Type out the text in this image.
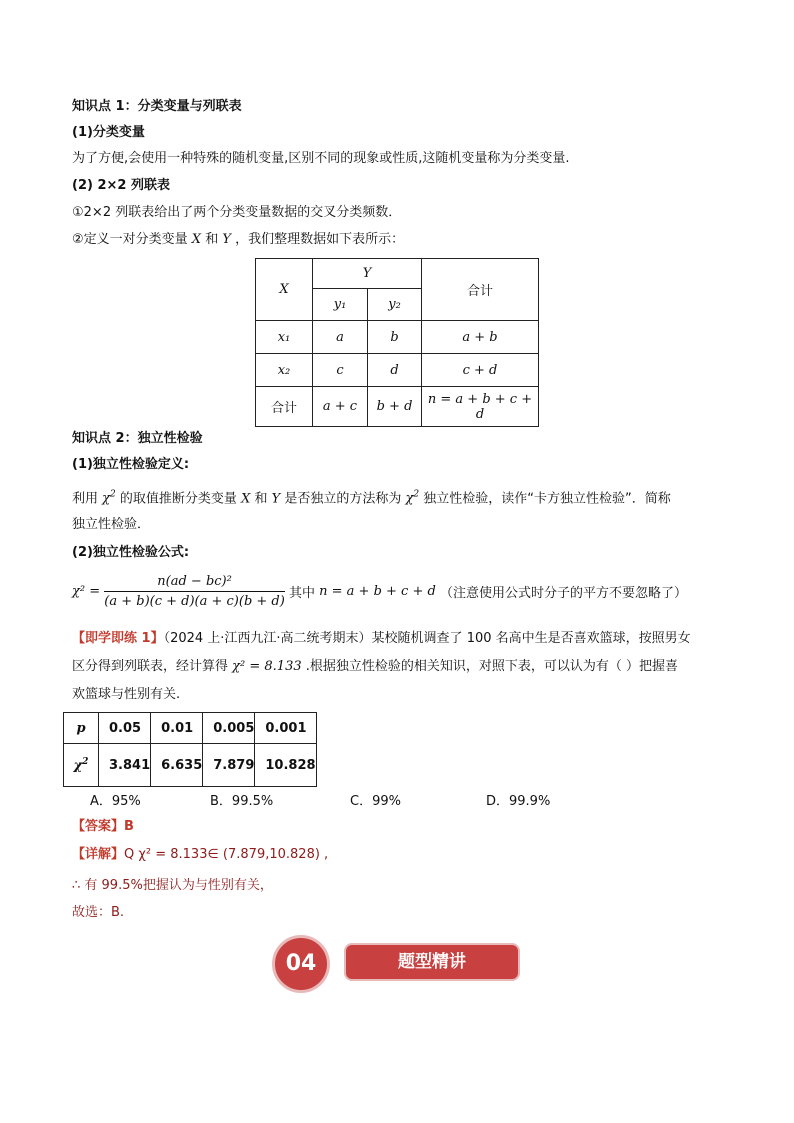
知识点 1：分类变量与列联表
(1)分类变量
为了方便,会使用一种特殊的随机变量,区别不同的现象或性质,这随机变量称为分类变量.
(2) 2×2 列联表
①2×2 列联表给出了两个分类变量数据的交叉分类频数．
②定义一对分类变量 X 和 Y ，我们整理数据如下表所示：
X	Y		合计
	y₁	y₂	
x₁	a	b	a + b
x₂	c	d	c + d
合计	a + c	b + d	n = a + b + c + d
知识点 2：独立性检验
(1)独立性检验定义:
利用 $\chi^2$ 的取值推断分类变量 X 和 Y 是否独立的方法称为 $\chi^2$ 独立性检验，读作“卡方独立性检验”．简称
独立性检验．
(2)独立性检验公式:
$\chi^2 = \frac{\text{n(ad − bc)²}}{(a + b)(c + d)(a + c)(b + d)}$ 其中 n = a + b + c + d （注意使用公式时分子的平方不要忽略了）
【即学即练 1】（2024 上·江西九江·高二统考期末）某校随机调查了 100 名高中生是否喜欢篮球，按照男女
区分得到列联表，经计算得 χ² = 8.133 .根据独立性检验的相关知识，对照下表，可以认为有（ ）把握喜
欢篮球与性别有关.
p	0.05	0.01	0.005	0.001
$\chi^2$	3.841	6.635	7.879	10.828
A．95%	B．99.5%	C．99%	D．99.9%
【答案】B
【详解】Q χ² = 8.133∈ (7.879,10.828) ,
∴ 有 99.5%把握认为与性别有关，
故选：B.
04	题型精讲
